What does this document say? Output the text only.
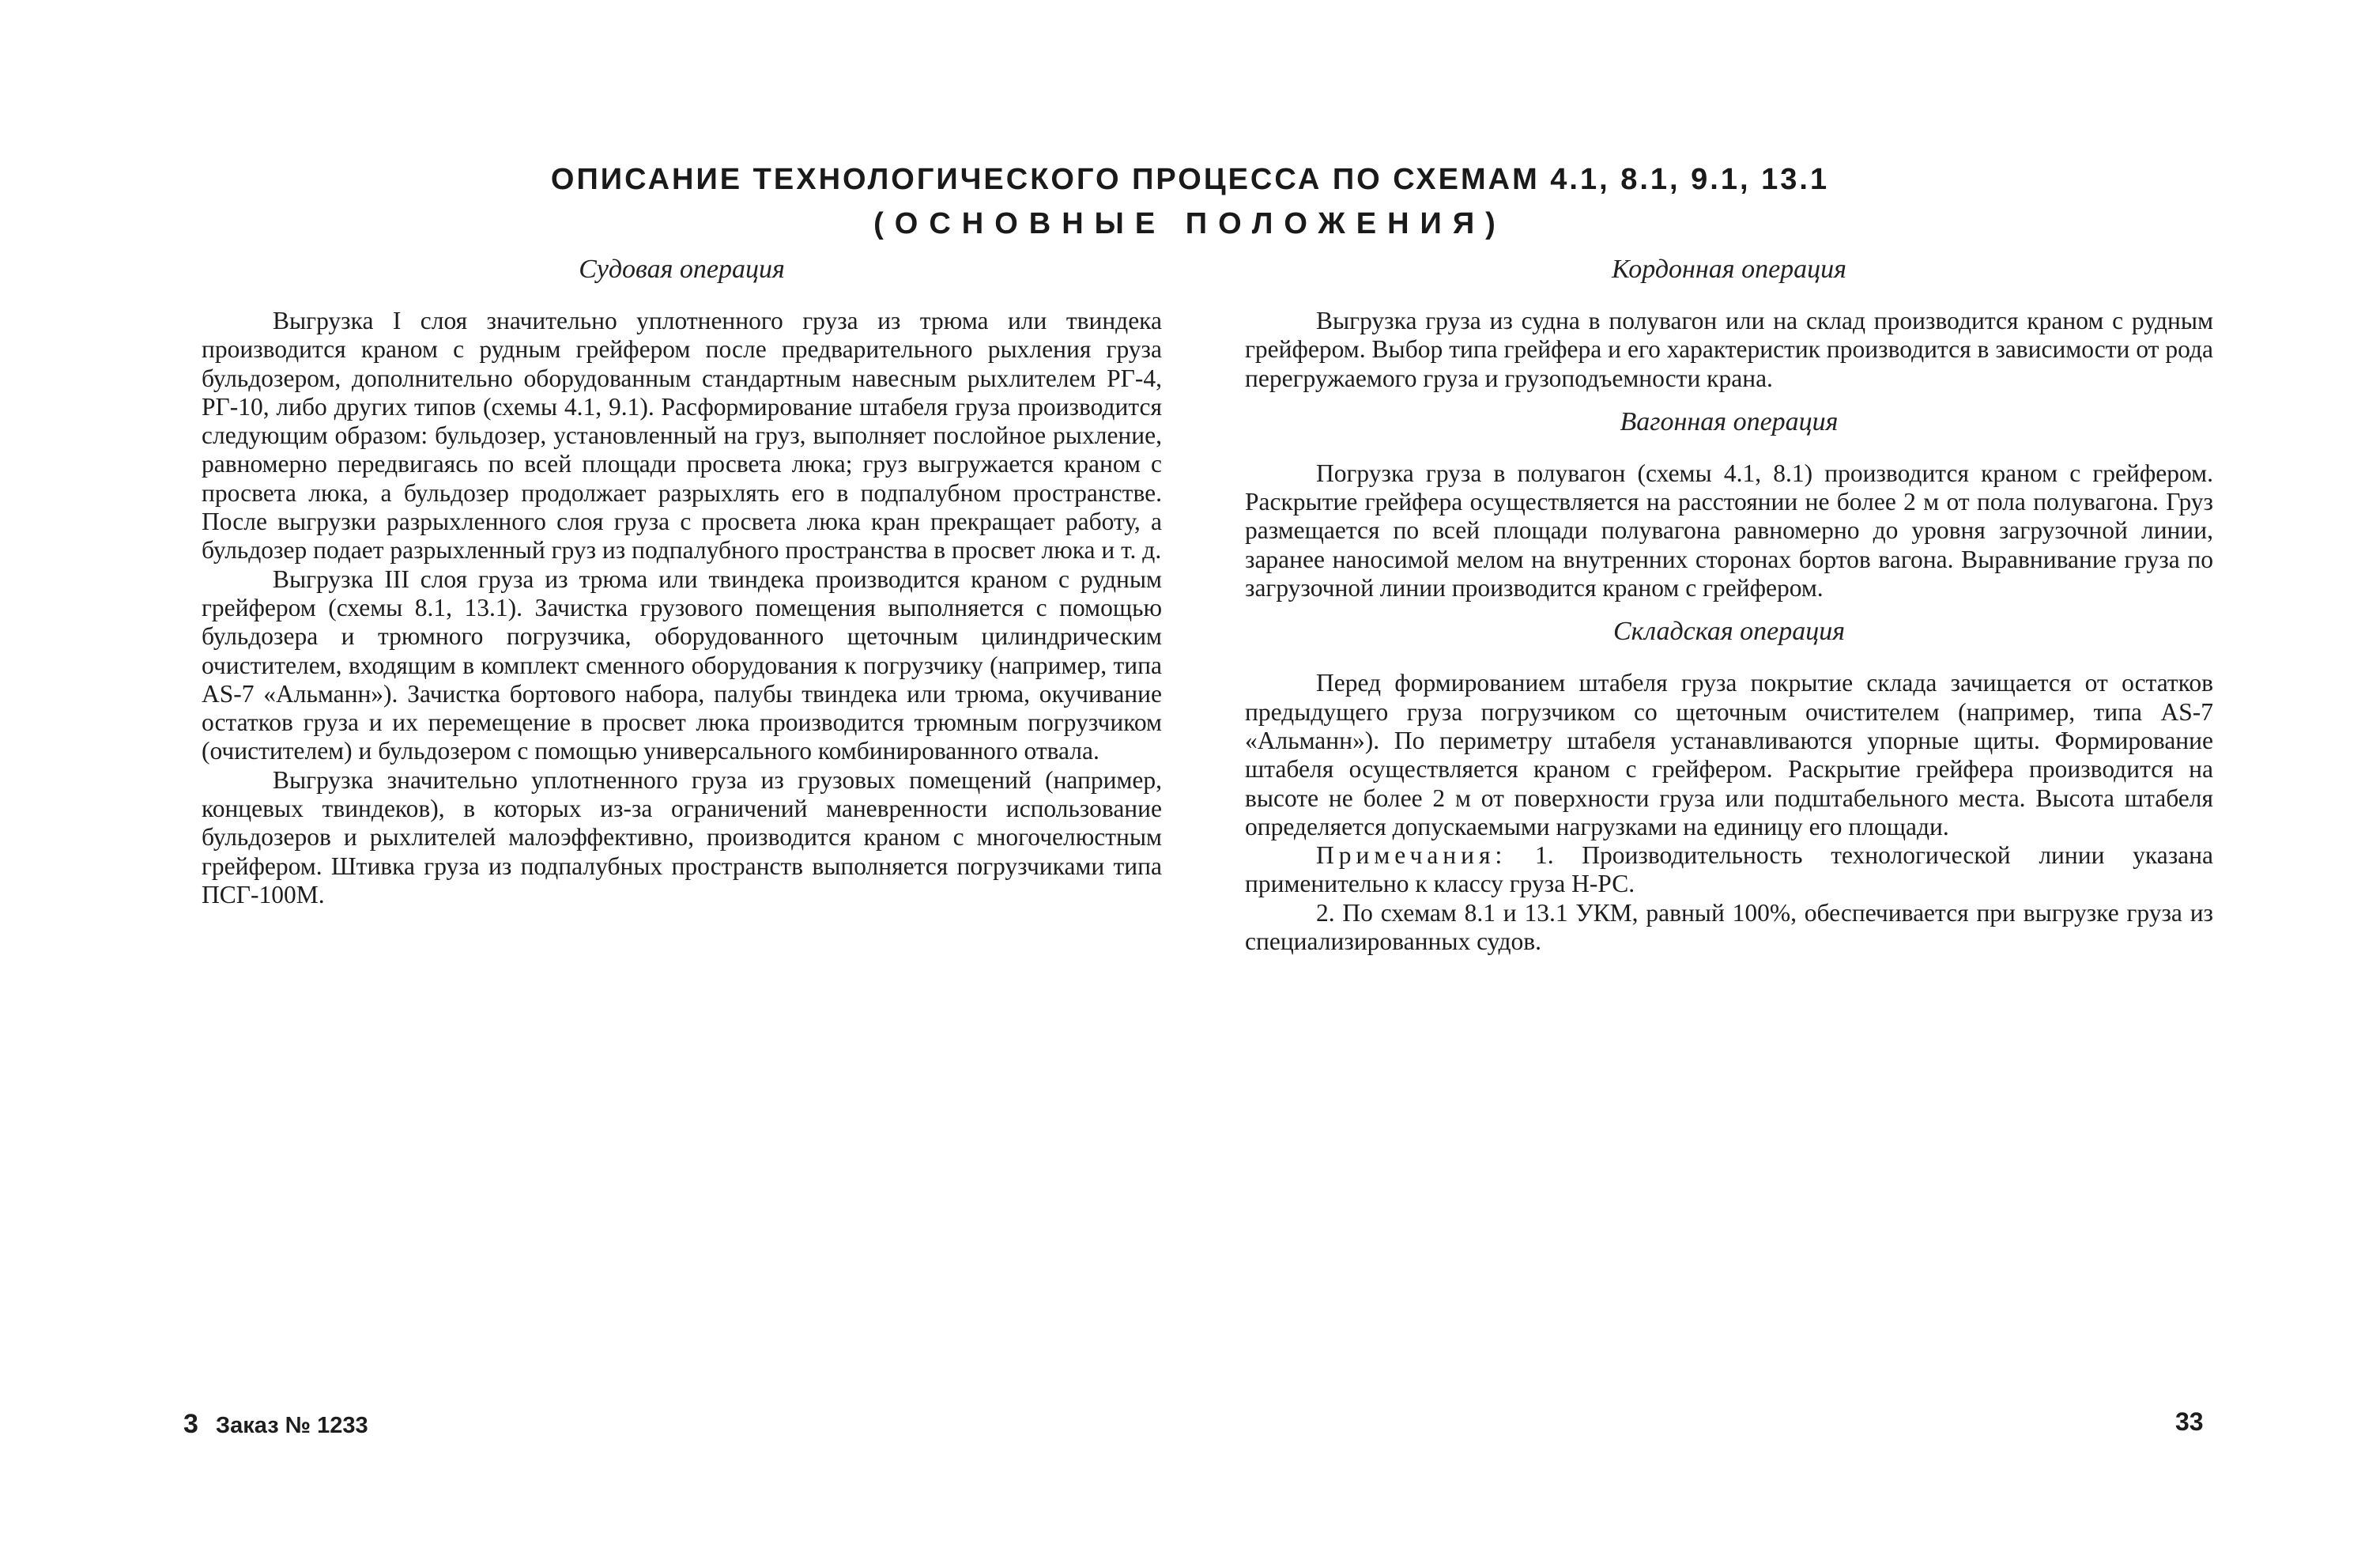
ОПИСАНИЕ ТЕХНОЛОГИЧЕСКОГО ПРОЦЕССА ПО СХЕМАМ 4.1, 8.1, 9.1, 13.1
(ОСНОВНЫЕ ПОЛОЖЕНИЯ)
Судовая операция

Выгрузка I слоя значительно уплотненного груза из трюма или твиндека производится краном с рудным грейфером после предварительного рыхления груза бульдозером, дополнительно оборудованным стандартным навесным рыхлителем РГ-4, РГ-10, либо других типов (схемы 4.1, 9.1). Расформирование штабеля груза производится следующим образом: бульдозер, установленный на груз, выполняет послойное рыхление, равномерно передвигаясь по всей площади просвета люка; груз выгружается краном с просвета люка, а бульдозер продолжает разрыхлять его в подпалубном пространстве. После выгрузки разрыхленного слоя груза с просвета люка кран прекращает работу, а бульдозер подает разрыхленный груз из подпалубного пространства в просвет люка и т. д.

Выгрузка III слоя груза из трюма или твиндека производится краном с рудным грейфером (схемы 8.1, 13.1). Зачистка грузового помещения выполняется с помощью бульдозера и трюмного погрузчика, оборудованного щеточным цилиндрическим очистителем, входящим в комплект сменного оборудования к погрузчику (например, типа AS-7 «Альманн»). Зачистка бортового набора, палубы твиндека или трюма, окучивание остатков груза и их перемещение в просвет люка производится трюмным погрузчиком (очистителем) и бульдозером с помощью универсального комбинированного отвала.

Выгрузка значительно уплотненного груза из грузовых помещений (например, концевых твиндеков), в которых из-за ограничений маневренности использование бульдозеров и рыхлителей малоэффективно, производится краном с многочелюстным грейфером. Штивка груза из подпалубных пространств выполняется погрузчиками типа ПСГ-100М.

Кордонная операция

Выгрузка груза из судна в полувагон или на склад производится краном с рудным грейфером. Выбор типа грейфера и его характеристик производится в зависимости от рода перегружаемого груза и грузоподъемности крана.

Вагонная операция

Погрузка груза в полувагон (схемы 4.1, 8.1) производится краном с грейфером. Раскрытие грейфера осуществляется на расстоянии не более 2 м от пола полувагона. Груз размещается по всей площади полувагона равномерно до уровня загрузочной линии, заранее наносимой мелом на внутренних сторонах бортов вагона. Выравнивание груза по загрузочной линии производится краном с грейфером.

Складская операция

Перед формированием штабеля груза покрытие склада зачищается от остатков предыдущего груза погрузчиком со щеточным очистителем (например, типа AS-7 «Альманн»). По периметру штабеля устанавливаются упорные щиты. Формирование штабеля осуществляется краном с грейфером. Раскрытие грейфера производится на высоте не более 2 м от поверхности груза или подштабельного места. Высота штабеля определяется допускаемыми нагрузками на единицу его площади.

Примечания: 1. Производительность технологической линии указана применительно к классу груза Н-РС.

2. По схемам 8.1 и 13.1 УКМ, равный 100%, обеспечивается при выгрузке груза из специализированных судов.

3 Заказ № 1233	33
